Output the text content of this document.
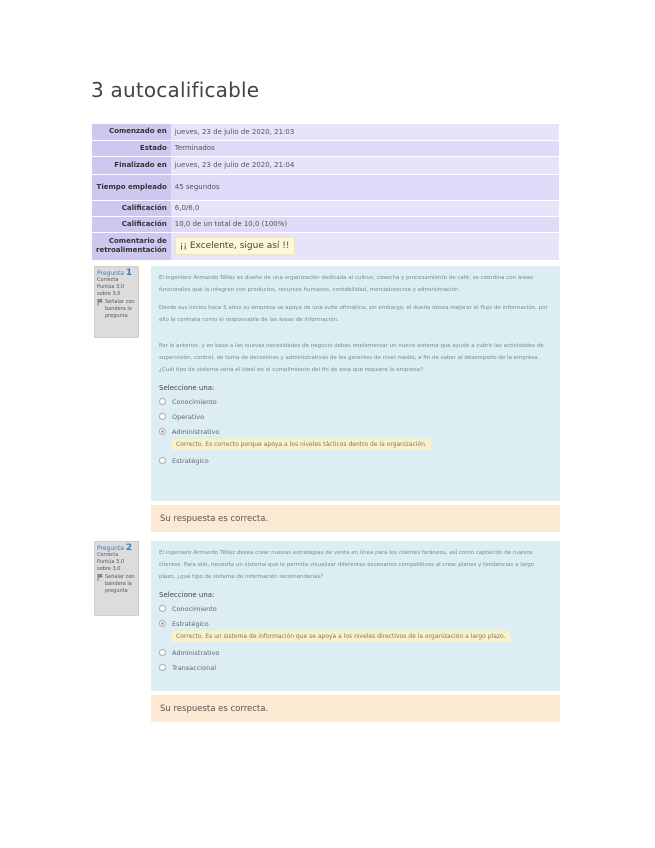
3 autocalificable
Comenzado en	jueves, 23 de julio de 2020, 21:03
Estado	Terminados
Finalizado en	jueves, 23 de julio de 2020, 21:04
Tiempo empleado	45 segundos
Calificación	6,0/6,0
Calificación	10,0 de un total de 10,0 (100%)
Comentario de retroalimentación	¡¡ Excelente, sigue así !!
Pregunta 1
Correcta
Puntúa 3,0 sobre 3,0
Señalar con bandera la pregunta

El ingeniero Armando Téllez es dueño de una organización dedicada al cultivo, cosecha y procesamiento de café; se coordina con áreas funcionales que la integran con productos, recursos humanos, contabilidad, mercadotecnia y administración.

Desde sus inicios hace 5 años su empresa se apoya de una suite ofimática; sin embargo, el dueño desea mejorar el flujo de información, por ello le contrata como el responsable de las áreas de información.

Por lo anterior, y en base a las nuevas necesidades de negocio debes implementar un nuevo sistema que ayude a cubrir las actividades de supervisión, control, de toma de decisiones y administrativas de los gerentes de nivel medio, a fin de saber el desempeño de la empresa. ¿Cuál tipo de sistema sería el ideal en el cumplimiento del fin de esta que requiere la empresa?

Seleccione una:
Conocimiento
Operativo
Administrativo
Correcto. Es correcto porque apoya a los niveles tácticos dentro de la organización.
Estratégico
Su respuesta es correcta.
Pregunta 2
Correcta
Puntúa 3,0 sobre 3,0
Señalar con bandera la pregunta

El ingeniero Armando Téllez desea crear nuevas estrategias de venta en línea para los clientes foráneos, así como captación de nuevos clientes. Para ello, necesita un sistema que le permita visualizar diferentes escenarios competitivos al crear planes y tendencias a largo plazo, ¿qué tipo de sistema de información recomendarías?

Seleccione una:
Conocimiento
Estratégico
Correcto. Es un sistema de información que se apoya a los niveles directivos de la organización a largo plazo.
Administrativo
Transaccional
Su respuesta es correcta.
